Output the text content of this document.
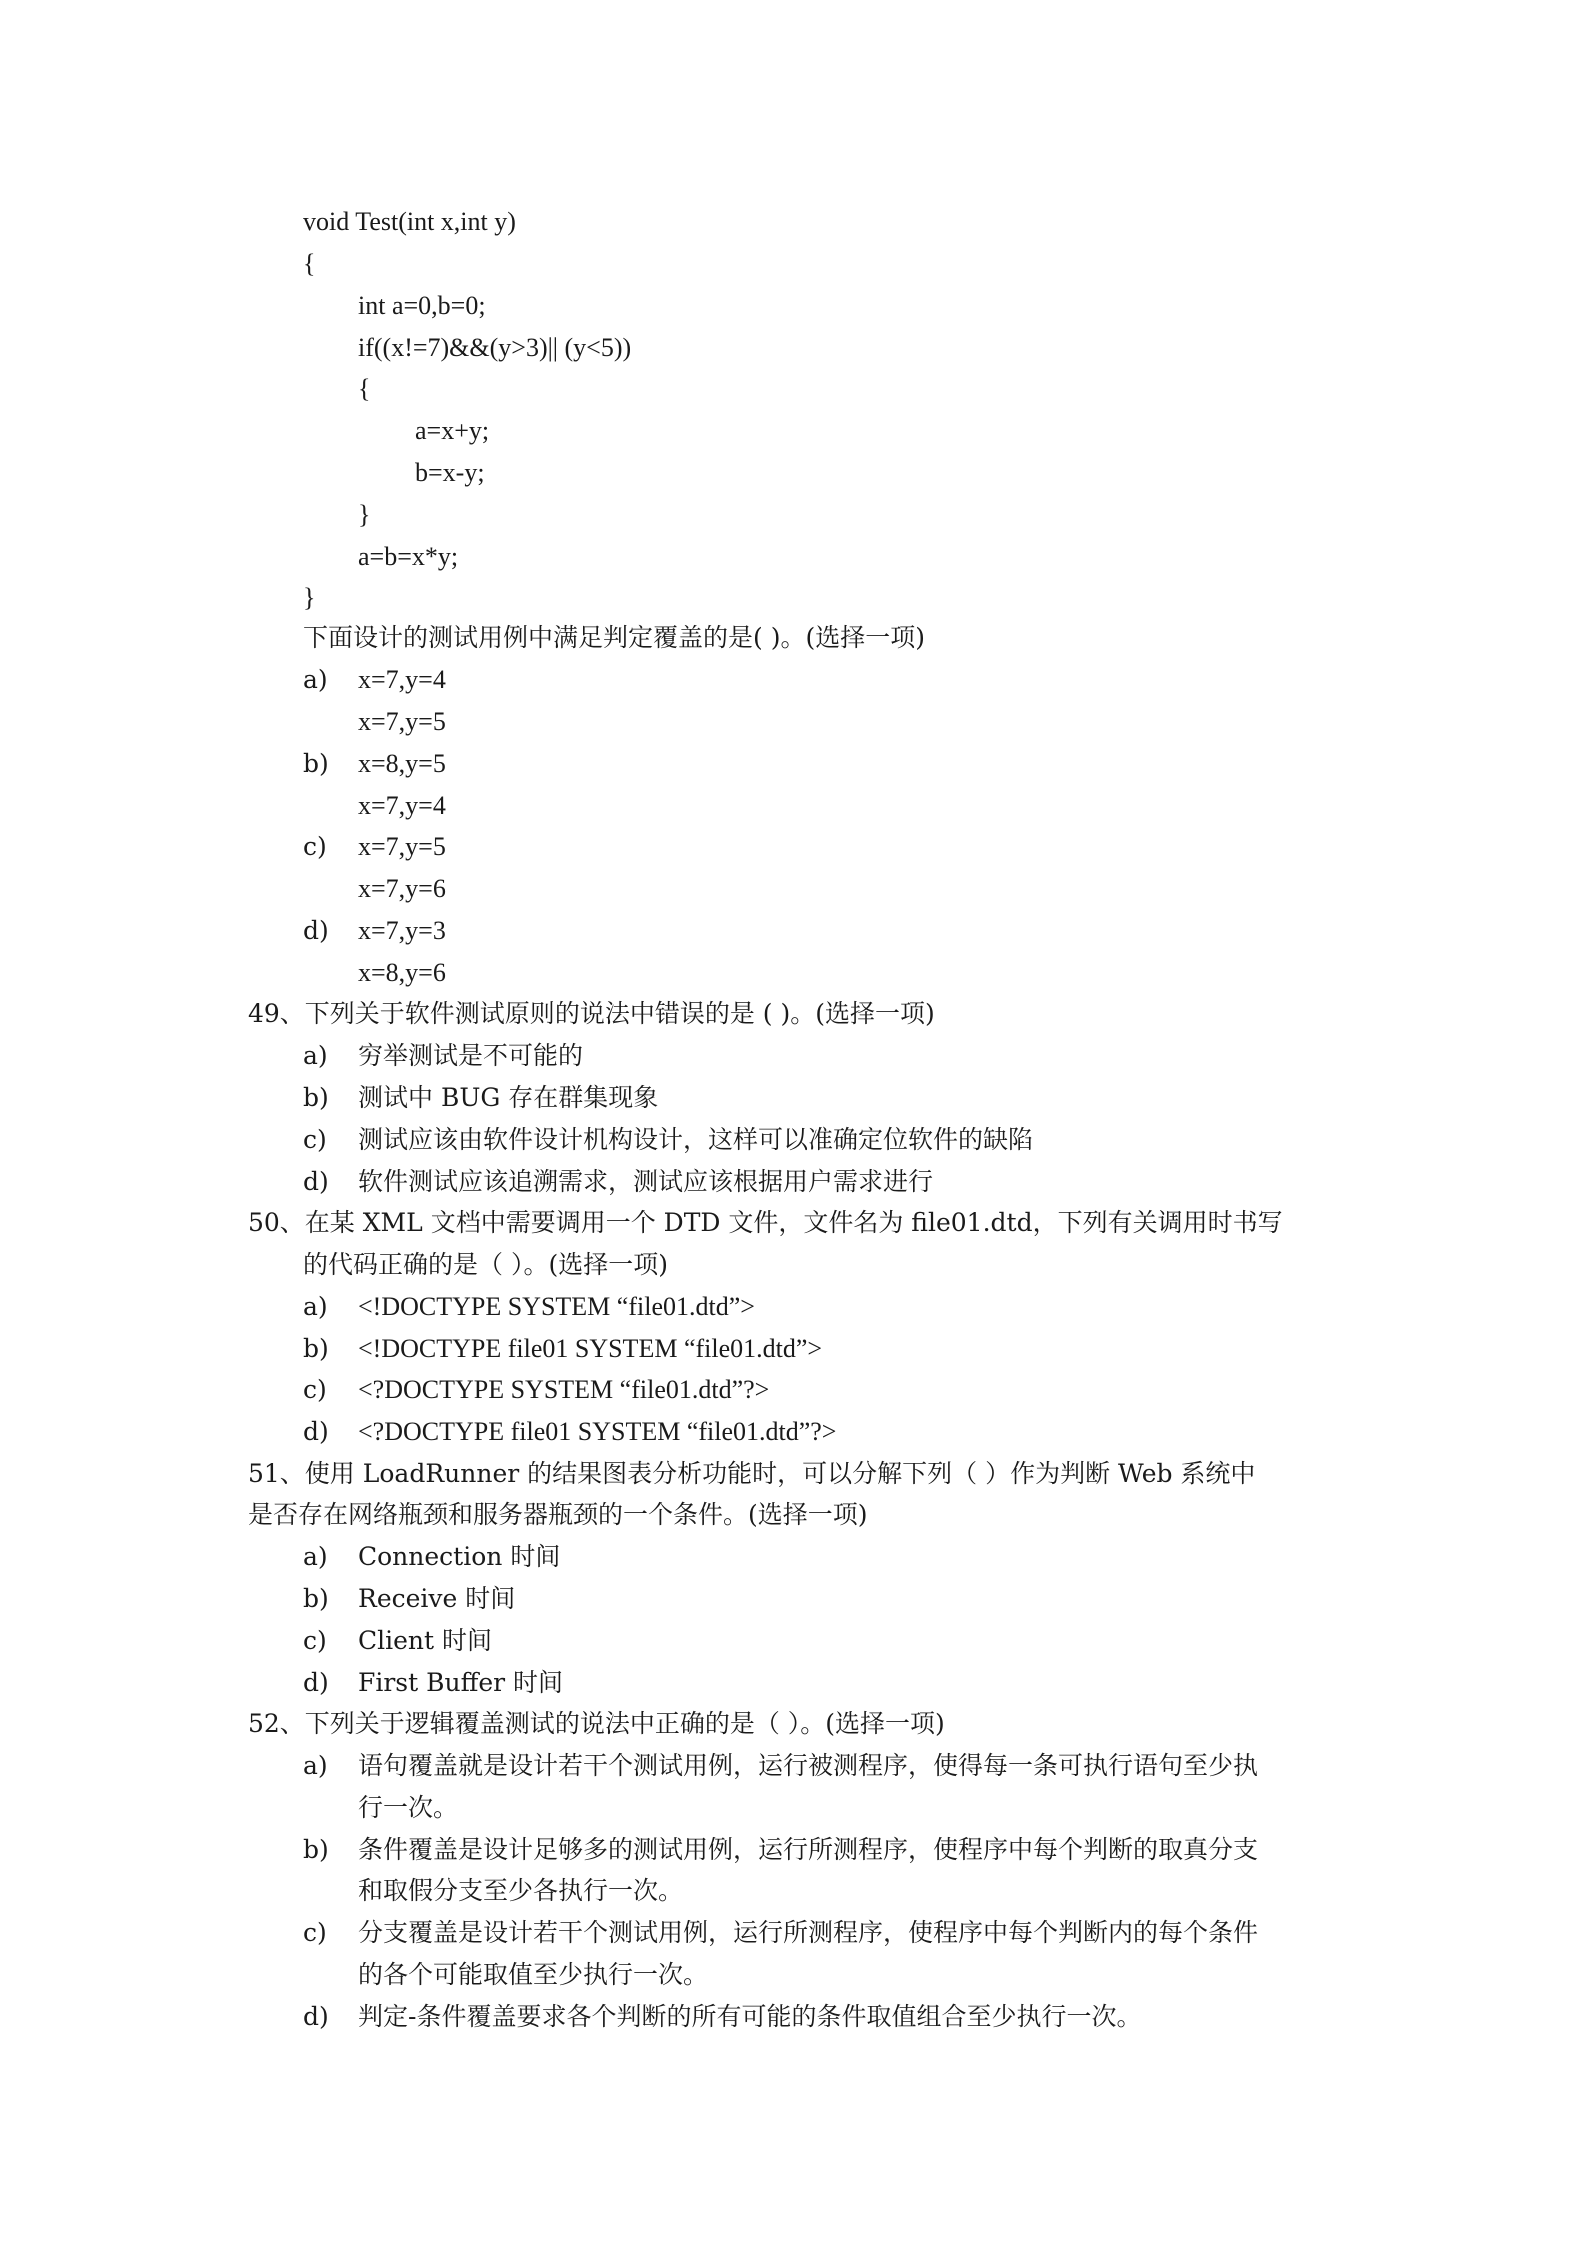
void Test(int x,int y)
{
int a=0,b=0;
if((x!=7)&&(y>3)|| (y<5))
{
a=x+y;
b=x-y;
}
a=b=x*y;
}
下面设计的测试用例中满足判定覆盖的是( )。(选择一项)
a) x=7,y=4
x=7,y=5
b) x=8,y=5
x=7,y=4
c) x=7,y=5
x=7,y=6
d) x=7,y=3
x=8,y=6
49、下列关于软件测试原则的说法中错误的是 ( )。(选择一项)
a) 穷举测试是不可能的
b) 测试中 BUG 存在群集现象
c) 测试应该由软件设计机构设计，这样可以准确定位软件的缺陷
d) 软件测试应该追溯需求，测试应该根据用户需求进行
50、在某 XML 文档中需要调用一个 DTD 文件，文件名为 file01.dtd，下列有关调用时书写
的代码正确的是（ ）。(选择一项)
a) <!DOCTYPE SYSTEM “file01.dtd”>
b) <!DOCTYPE file01 SYSTEM “file01.dtd”>
c) <?DOCTYPE SYSTEM “file01.dtd”?>
d) <?DOCTYPE file01 SYSTEM “file01.dtd”?>
51、使用 LoadRunner 的结果图表分析功能时，可以分解下列（ ）作为判断 Web 系统中
是否存在网络瓶颈和服务器瓶颈的一个条件。(选择一项)
a) Connection 时间
b) Receive 时间
c) Client 时间
d) First Buffer 时间
52、下列关于逻辑覆盖测试的说法中正确的是（ ）。(选择一项)
a) 语句覆盖就是设计若干个测试用例，运行被测程序，使得每一条可执行语句至少执
行一次。
b) 条件覆盖是设计足够多的测试用例，运行所测程序，使程序中每个判断的取真分支
和取假分支至少各执行一次。
c) 分支覆盖是设计若干个测试用例，运行所测程序，使程序中每个判断内的每个条件
的各个可能取值至少执行一次。
d) 判定-条件覆盖要求各个判断的所有可能的条件取值组合至少执行一次。
